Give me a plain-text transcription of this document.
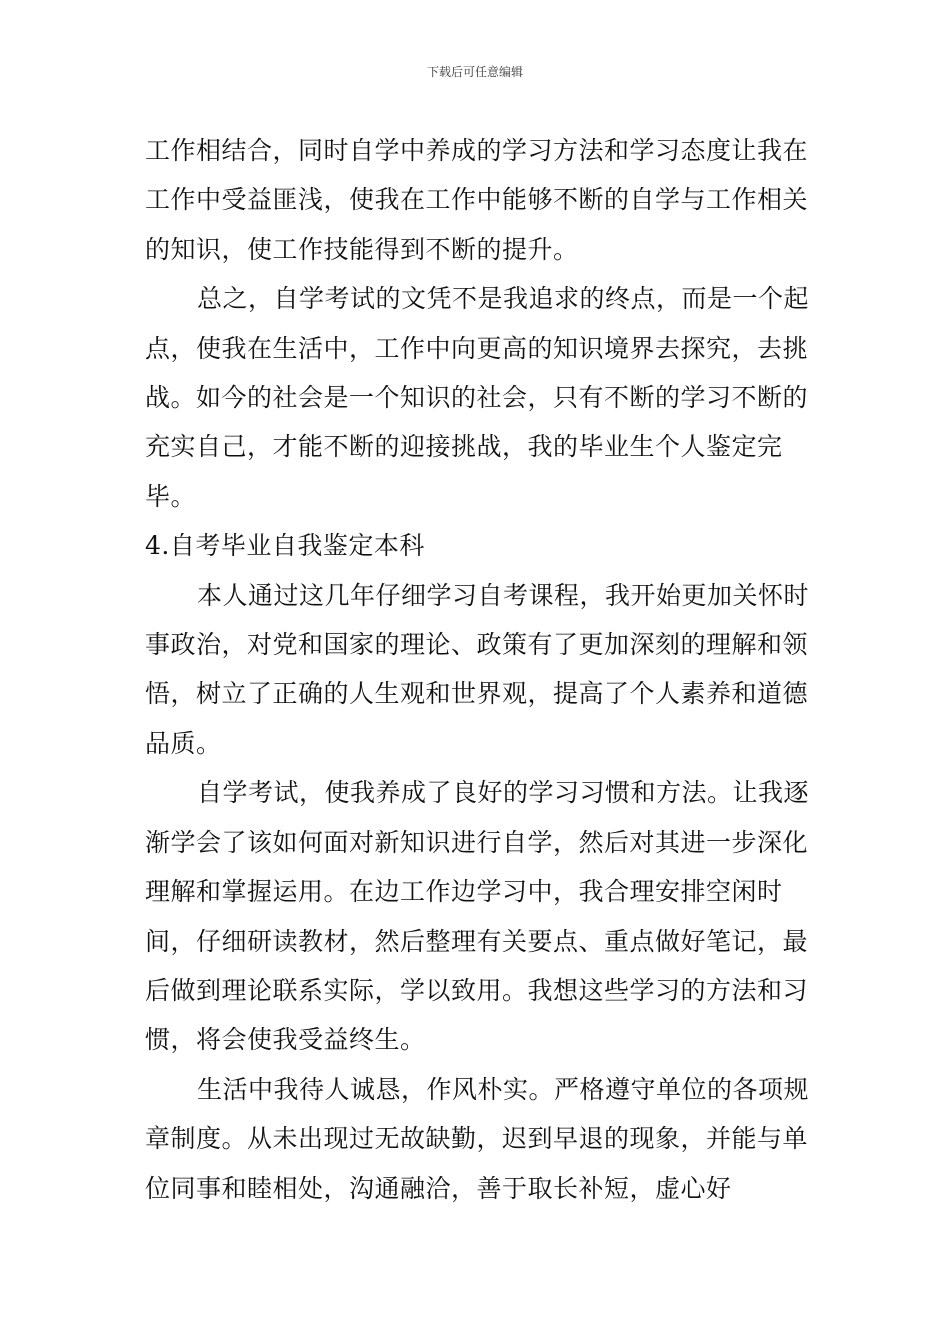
下载后可任意编辑

工作相结合，同时自学中养成的学习方法和学习态度让我在工作中受益匪浅，使我在工作中能够不断的自学与工作相关的知识，使工作技能得到不断的提升。

总之，自学考试的文凭不是我追求的终点，而是一个起点，使我在生活中，工作中向更高的知识境界去探究，去挑战。如今的社会是一个知识的社会，只有不断的学习不断的充实自己，才能不断的迎接挑战，我的毕业生个人鉴定完毕。

4.自考毕业自我鉴定本科

本人通过这几年仔细学习自考课程，我开始更加关怀时事政治，对党和国家的理论、政策有了更加深刻的理解和领悟，树立了正确的人生观和世界观，提高了个人素养和道德品质。

自学考试，使我养成了良好的学习习惯和方法。让我逐渐学会了该如何面对新知识进行自学，然后对其进一步深化理解和掌握运用。在边工作边学习中，我合理安排空闲时间，仔细研读教材，然后整理有关要点、重点做好笔记，最 后做到理论联系实际，学以致用。我想这些学习的方法和习惯，将会使我受益终生。

生活中我待人诚恳，作风朴实。严格遵守单位的各项规章制度。从未出现过无故缺勤，迟到早退的现象，并能与单位同事和睦相处，沟通融洽，善于取长补短，虚心好
